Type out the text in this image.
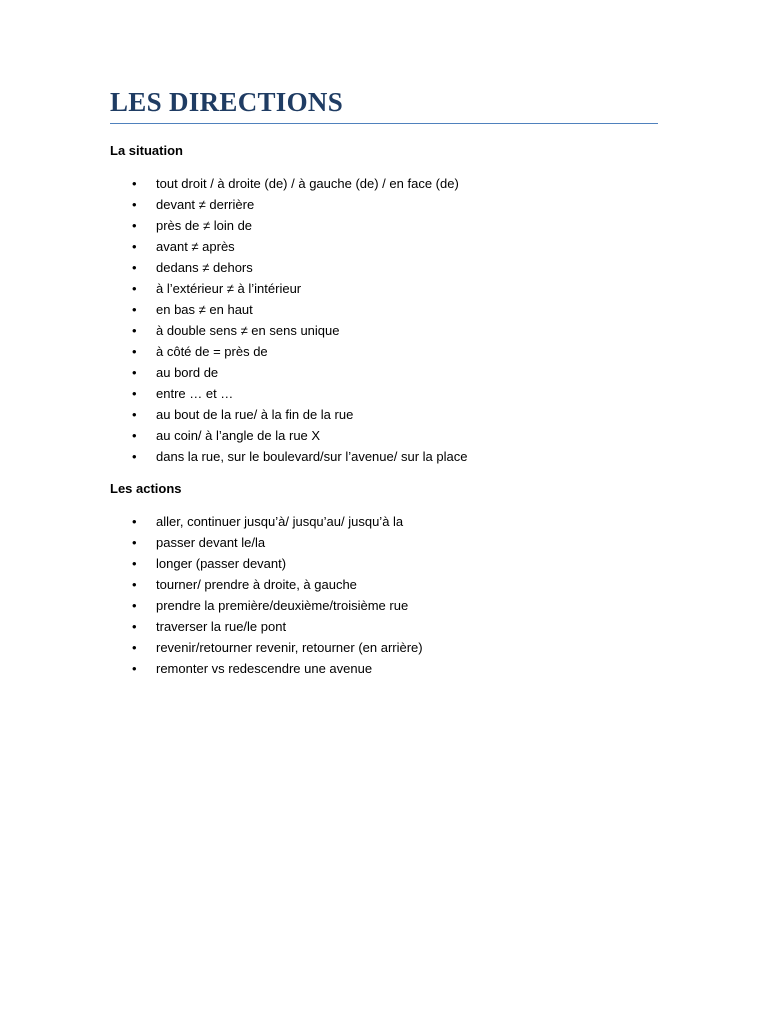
LES DIRECTIONS
La situation
• tout droit / à droite (de) / à gauche (de) / en face (de)
• devant ≠ derrière
• près de ≠ loin de
• avant ≠ après
• dedans ≠ dehors
• à l’extérieur ≠ à l’intérieur
• en bas ≠ en haut
• à double sens ≠ en sens unique
• à côté de = près de
• au bord de
• entre … et …
• au bout de la rue/ à la fin de la rue
• au coin/ à l’angle de la rue X
• dans la rue, sur le boulevard/sur l’avenue/ sur la place
Les actions
• aller, continuer jusqu’à/ jusqu’au/ jusqu’à la
• passer devant le/la
• longer (passer devant)
• tourner/ prendre à droite, à gauche
• prendre la première/deuxième/troisième rue
• traverser la rue/le pont
• revenir/retourner revenir, retourner (en arrière)
• remonter vs redescendre une avenue
